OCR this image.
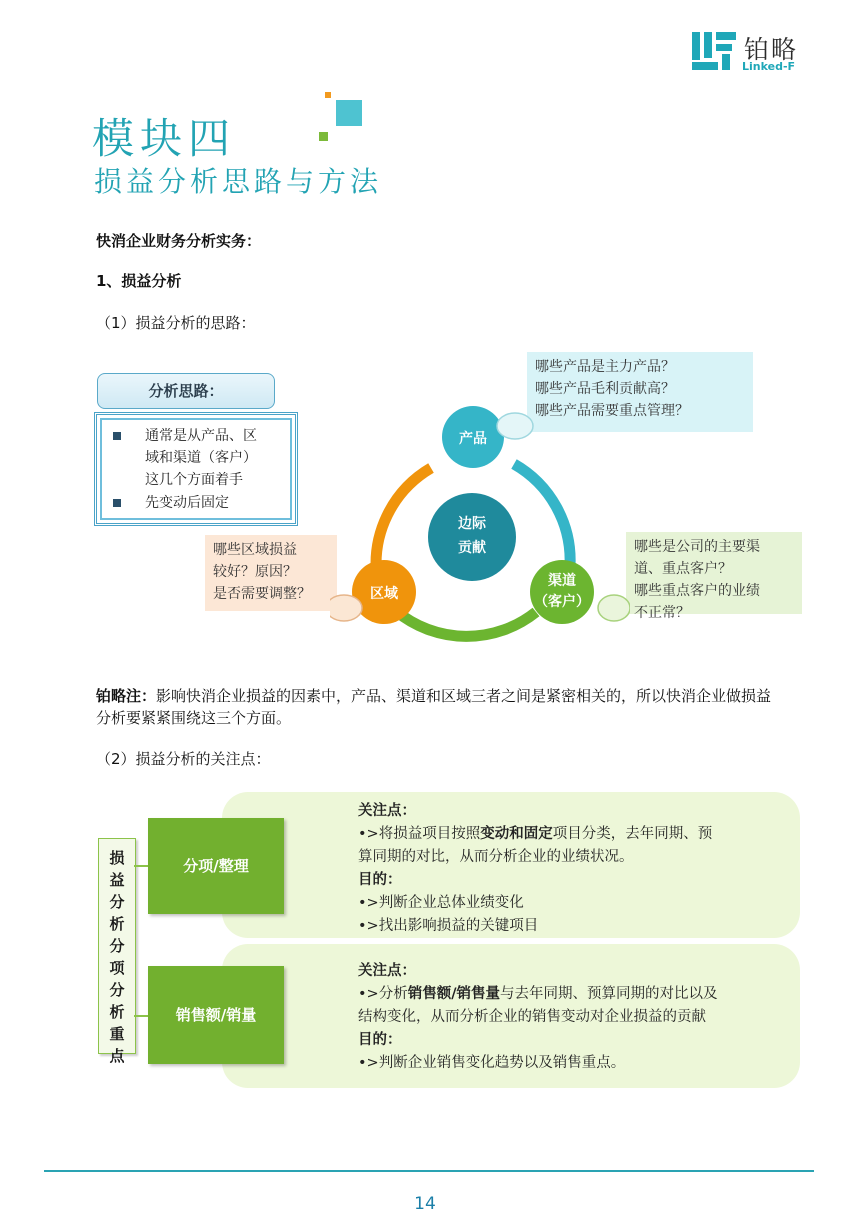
铂略
Linked-F
模块四
损益分析思路与方法
快消企业财务分析实务：
1、损益分析
（1）损益分析的思路：
分析思路：
通常是从产品、区
域和渠道（客户）
这几个方面着手
先变动后固定
哪些产品是主力产品？
哪些产品毛利贡献高？
哪些产品需要重点管理？
哪些区域损益
较好？原因？
是否需要调整？
哪些是公司的主要渠
道、重点客户？
哪些重点客户的业绩
不正常？
边际
贡献
产品
区域
渠道
（客户）
铂略注：影响快消企业损益的因素中，产品、渠道和区域三者之间是紧密相关的，所以快消企业做损益分析要紧紧围绕这三个方面。
（2）损益分析的关注点：
损
益
分
析
分
项
分
析
重
点
分项/整理
销售额/销量
关注点：
•>将损益项目按照变动和固定项目分类，去年同期、预
算同期的对比，从而分析企业的业绩状况。
目的：
•>判断企业总体业绩变化
•>找出影响损益的关键项目
关注点：
•>分析销售额/销售量与去年同期、预算同期的对比以及
结构变化，从而分析企业的销售变动对企业损益的贡献
目的：
•>判断企业销售变化趋势以及销售重点。
14
